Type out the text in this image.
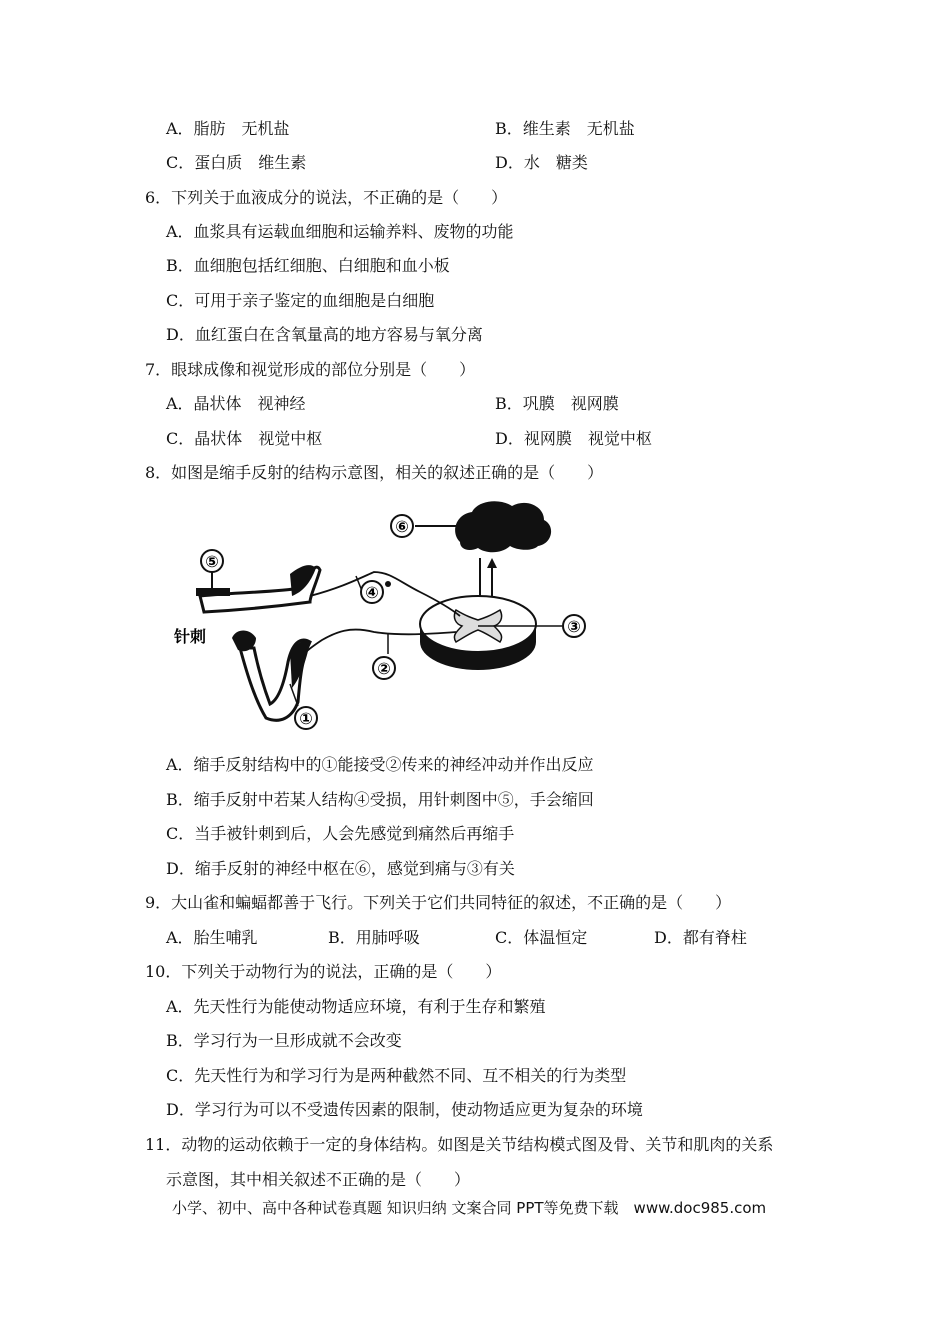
A．脂肪　无机盐	B．维生素　无机盐
C．蛋白质　维生素	D．水　糖类
6．下列关于血液成分的说法，不正确的是（　　）
A．血浆具有运载血细胞和运输养料、废物的功能
B．血细胞包括红细胞、白细胞和血小板
C．可用于亲子鉴定的血细胞是白细胞
D．血红蛋白在含氧量高的地方容易与氧分离
7．眼球成像和视觉形成的部位分别是（　　）
A．晶状体　视神经	B．巩膜　视网膜
C．晶状体　视觉中枢	D．视网膜　视觉中枢
8．如图是缩手反射的结构示意图，相关的叙述正确的是（　　）
⑥
③
⑤
针刺
④
②
①
A．缩手反射结构中的①能接受②传来的神经冲动并作出反应
B．缩手反射中若某人结构④受损，用针刺图中⑤，手会缩回
C．当手被针刺到后，人会先感觉到痛然后再缩手
D．缩手反射的神经中枢在⑥，感觉到痛与③有关
9．大山雀和蝙蝠都善于飞行。下列关于它们共同特征的叙述，不正确的是（　　）
A．胎生哺乳	B．用肺呼吸	C．体温恒定	D．都有脊柱
10．下列关于动物行为的说法，正确的是（　　）
A．先天性行为能使动物适应环境，有利于生存和繁殖
B．学习行为一旦形成就不会改变
C．先天性行为和学习行为是两种截然不同、互不相关的行为类型
D．学习行为可以不受遗传因素的限制，使动物适应更为复杂的环境
11．动物的运动依赖于一定的身体结构。如图是关节结构模式图及骨、关节和肌肉的关系
示意图，其中相关叙述不正确的是（　　）
小学、初中、高中各种试卷真题 知识归纳 文案合同 PPT等免费下载　www.doc985.com
